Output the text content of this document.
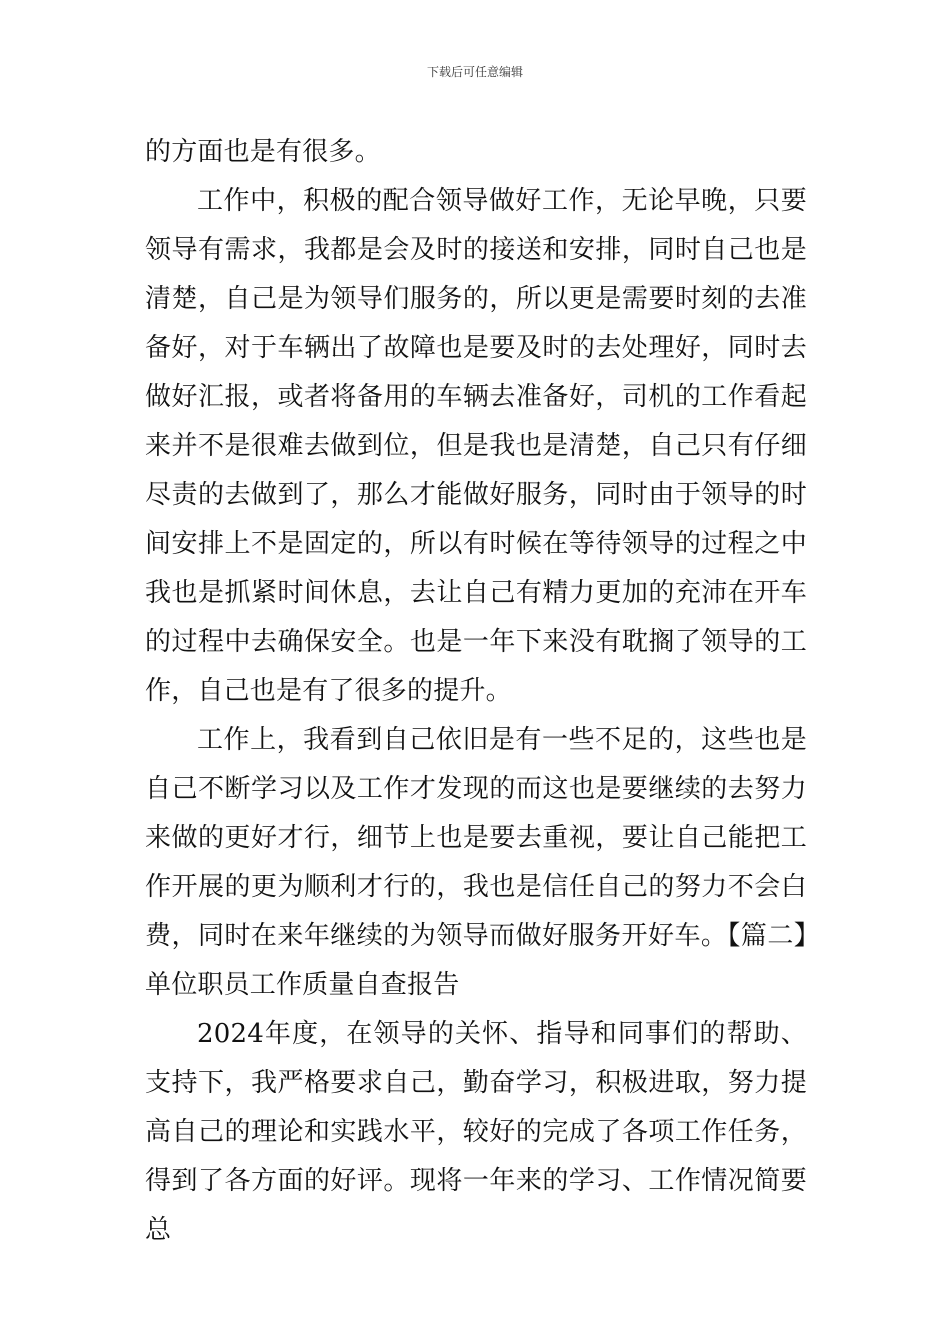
下载后可任意编辑

的方面也是有很多。

工作中，积极的配合领导做好工作，无论早晚，只要领导有需求，我都是会及时的接送和安排，同时自己也是清楚，自己是为领导们服务的，所以更是需要时刻的去准备好，对于车辆出了故障也是要及时的去处理好，同时去做好汇报，或者将备用的车辆去准备好，司机的工作看起来并不是很难去做到位，但是我也是清楚，自己只有仔细尽责的去做到了，那么才能做好服务，同时由于领导的时间安排上不是固定的，所以有时候在等待领导的过程之中我也是抓紧时间休息，去让自己有精力更加的充沛在开车的过程中去确保安全。也是一年下来没有耽搁了领导的工作，自己也是有了很多的提升。

工作上，我看到自己依旧是有一些不足的，这些也是自己不断学习以及工作才发现的而这也是要继续的去努力来做的更好才行，细节上也是要去重视，要让自己能把工作开展的更为顺利才行的，我也是信任自己的努力不会白费，同时在来年继续的为领导而做好服务开好车。【篇二】单位职员工作质量自查报告

2024年度，在领导的关怀、指导和同事们的帮助、支持下，我严格要求自己，勤奋学习，积极进取，努力提高自己的理论和实践水平，较好的完成了各项工作任务，得到了各方面的好评。现将一年来的学习、工作情况简要总
